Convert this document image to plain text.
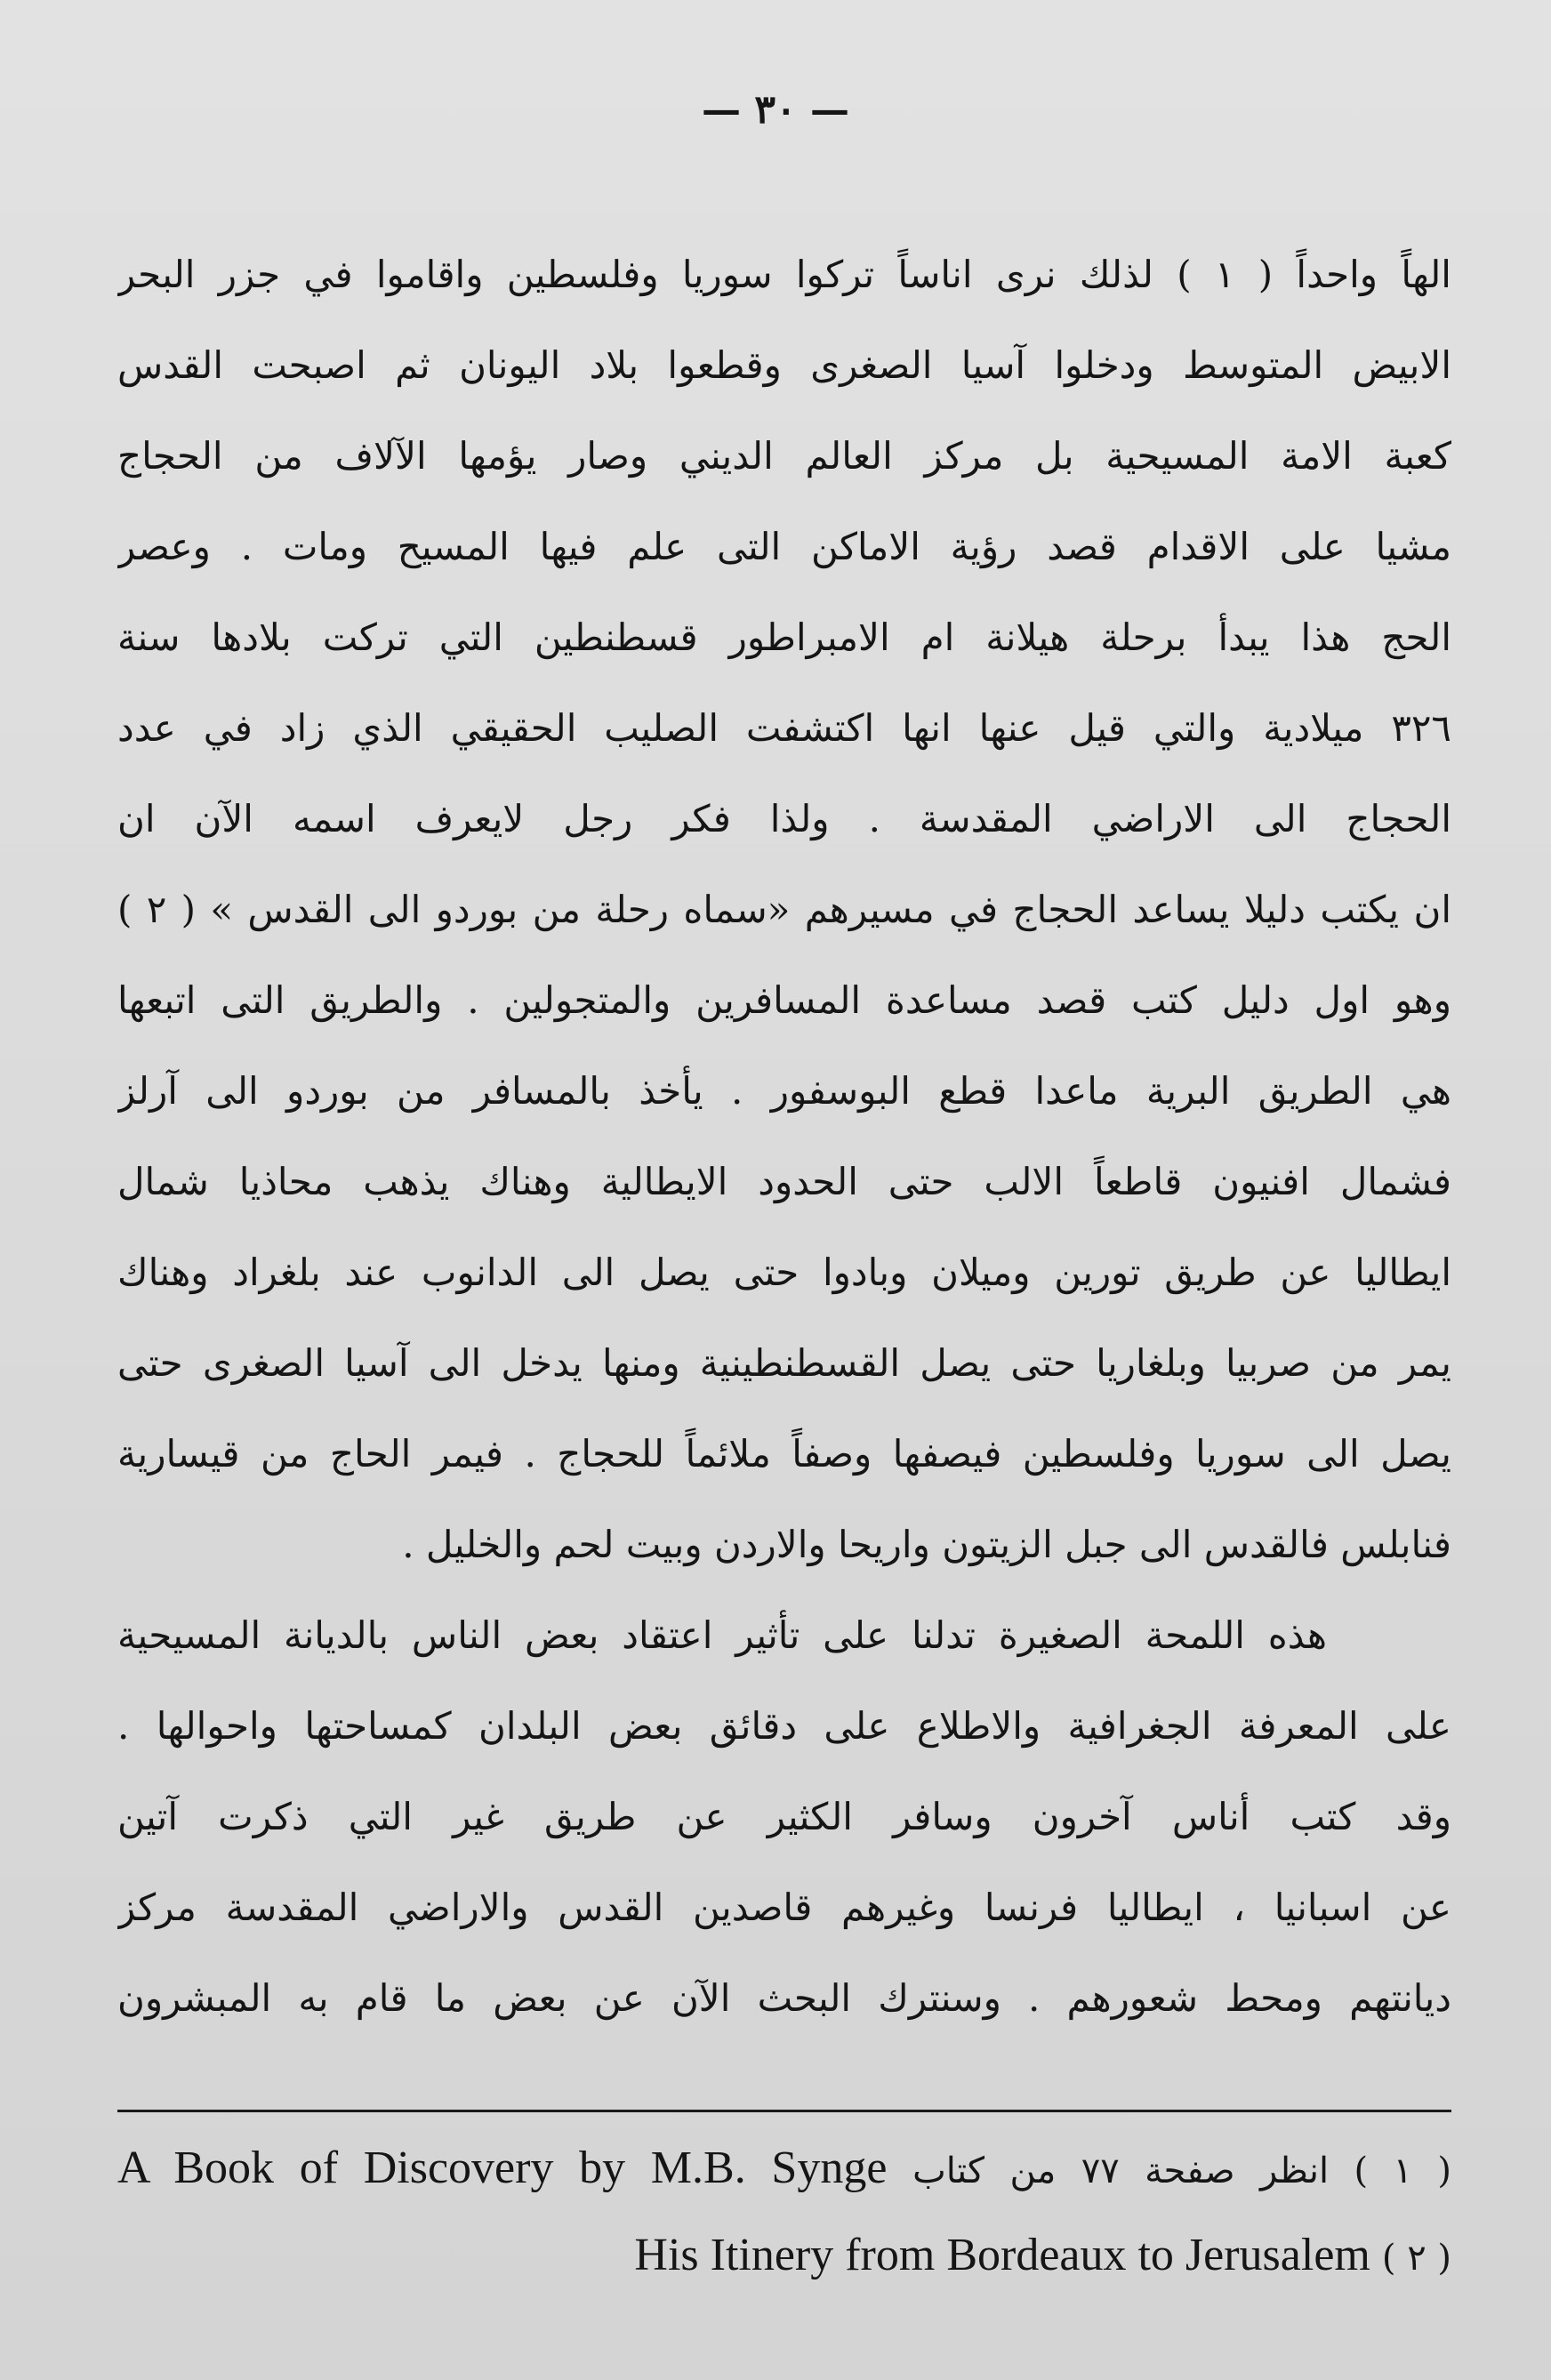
— ٣٠ —
الهاً واحداً ( ١ ) لذلك نرى اناساً تركوا سوريا وفلسطين واقاموا في جزر البحر
الابيض المتوسط ودخلوا آسيا الصغرى وقطعوا بلاد اليونان ثم اصبحت القدس
كعبة الامة المسيحية بل مركز العالم الديني وصار يؤمها الآلاف من الحجاج
مشيا على الاقدام قصد رؤية الاماكن التى علم فيها المسيح ومات . وعصر
الحج هذا يبدأ برحلة هيلانة ام الامبراطور قسطنطين التي تركت بلادها سنة
٣٢٦ ميلادية والتي قيل عنها انها اكتشفت الصليب الحقيقي الذي زاد في عدد
الحجاج الى الاراضي المقدسة . ولذا فكر رجل لايعرف اسمه الآن ان
ان يكتب دليلا يساعد الحجاج في مسيرهم «سماه رحلة من بوردو الى القدس » ( ٢ )
وهو اول دليل كتب قصد مساعدة المسافرين والمتجولين . والطريق التى اتبعها
هي الطريق البرية ماعدا قطع البوسفور . يأخذ بالمسافر من بوردو الى آرلز
فشمال افنيون قاطعاً الالب حتى الحدود الايطالية وهناك يذهب محاذيا شمال
ايطاليا عن طريق تورين وميلان وبادوا حتى يصل الى الدانوب عند بلغراد وهناك
يمر من صربيا وبلغاريا حتى يصل القسطنطينية ومنها يدخل الى آسيا الصغرى حتى
يصل الى سوريا وفلسطين فيصفها وصفاً ملائماً للحجاج . فيمر الحاج من قيسارية
فنابلس فالقدس الى جبل الزيتون واريحا والاردن وبيت لحم والخليل .
هذه اللمحة الصغيرة تدلنا على تأثير اعتقاد بعض الناس بالديانة المسيحية
على المعرفة الجغرافية والاطلاع على دقائق بعض البلدان كمساحتها واحوالها .
وقد كتب أناس آخرون وسافر الكثير عن طريق غير التي ذكرت آتين
عن اسبانيا ، ايطاليا فرنسا وغيرهم قاصدين القدس والاراضي المقدسة مركز
ديانتهم ومحط شعورهم . وسنترك البحث الآن عن بعض ما قام به المبشرون
( ١ ) انظر صفحة ٧٧ من كتاب A Book of Discovery by M.B. Synge
( ٢ ) His Itinery from Bordeaux to Jerusalem
